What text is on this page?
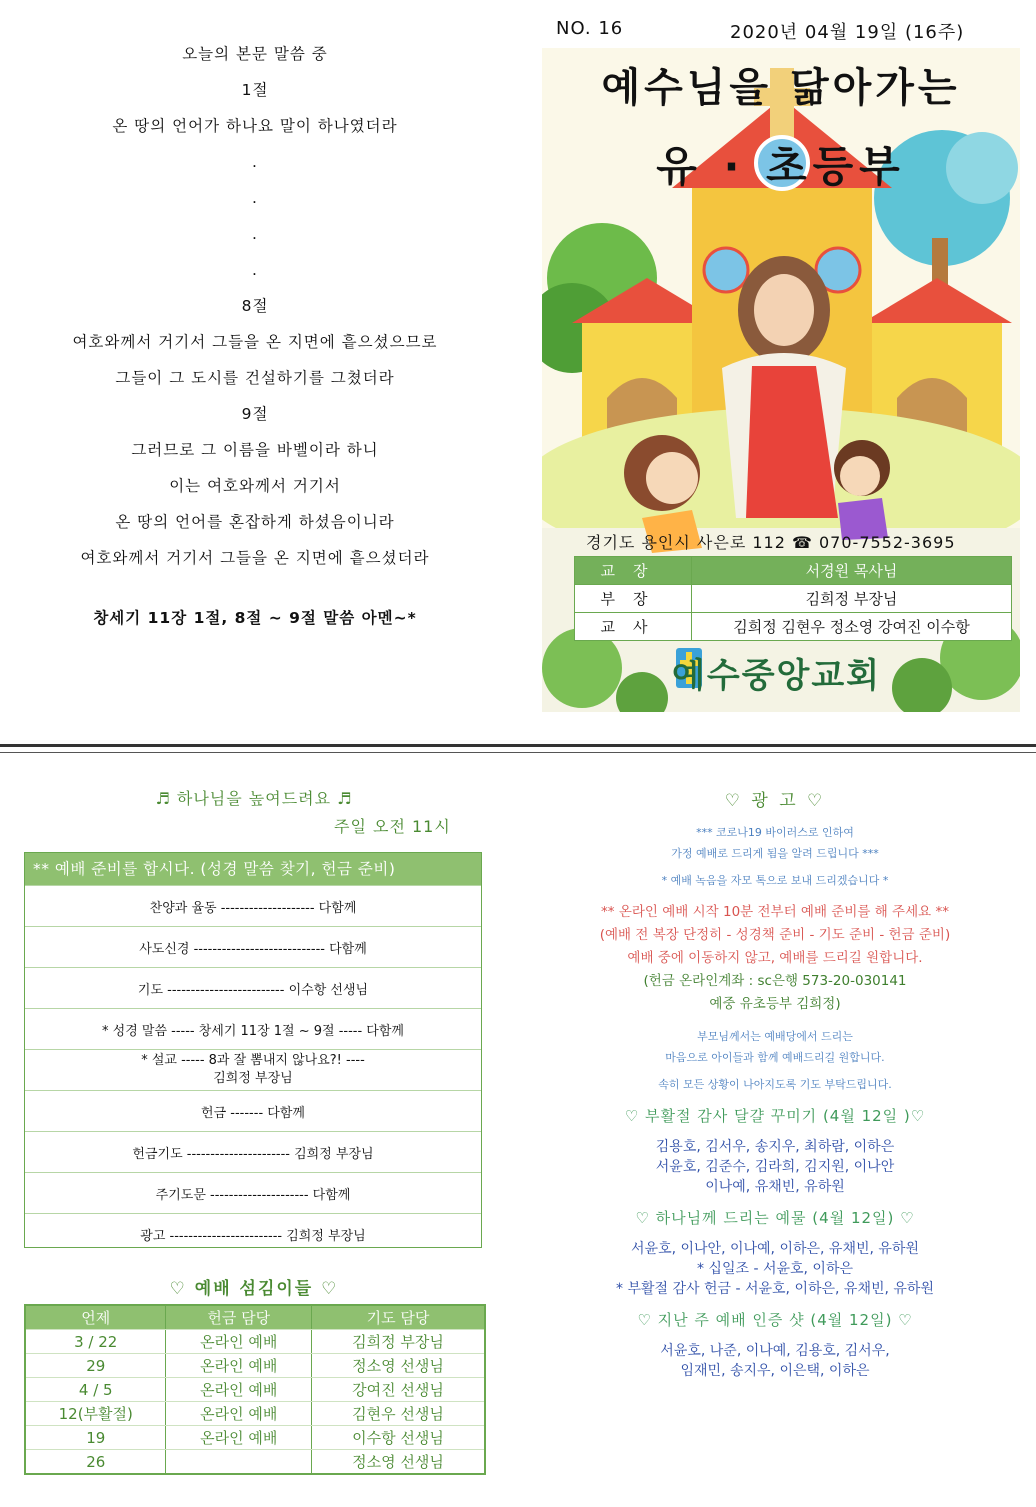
오늘의 본문 말씀 중
1절
온 땅의 언어가 하나요 말이 하나였더라
.
.
.
.
8절
여호와께서 거기서 그들을 온 지면에 흩으셨으므로
그들이 그 도시를 건설하기를 그쳤더라
9절
그러므로 그 이름을 바벨이라 하니
이는 여호와께서 거기서
온 땅의 언어를 혼잡하게 하셨음이니라
여호와께서 거기서 그들을 온 지면에 흩으셨더라
창세기 11장 1절, 8절 ~ 9절 말씀 아멘~*
NO. 16	2020년 04월 19일 (16주)
예수님을 닮아가는
유 · 초등부
경기도 용인시 사은로 112 ☎ 070-7552-3695
교장	서경원 목사님
부장	김희정 부장님
교사	김희정 김현우 정소영 강여진 이수항
예수중앙교회
♬ 하나님을 높여드려요 ♬
주일 오전 11시
** 예배 준비를 합시다. (성경 말씀 찾기, 헌금 준비)
찬양과 율동 -------------------- 다함께
사도신경 ---------------------------- 다함께
기도 ------------------------- 이수항 선생님
* 성경 말씀 ----- 창세기 11장 1절 ~ 9절 ----- 다함께
* 설교 ----- 8과 잘 뽐내지 않나요?! ----
김희정 부장님
헌금 ------- 다함께
헌금기도 ---------------------- 김희정 부장님
주기도문 --------------------- 다함께
광고 ------------------------ 김희정 부장님
♡ 예배 섬김이들 ♡
언제	헌금 담당	기도 담당
3 / 22	온라인 예배	김희정 부장님
29	온라인 예배	정소영 선생님
4 / 5	온라인 예배	강여진 선생님
12(부활절)	온라인 예배	김현우 선생님
19	온라인 예배	이수항 선생님
26		정소영 선생님
♡ 광 고 ♡
*** 코로나19 바이러스로 인하여
가정 예배로 드리게 됨을 알려 드립니다 ***
* 예배 녹음을 자모 톡으로 보내 드리겠습니다 *
** 온라인 예배 시작 10분 전부터 예배 준비를 해 주세요 **
(예배 전 복장 단정히 - 성경책 준비 - 기도 준비 - 헌금 준비)
예배 중에 이동하지 않고, 예배를 드리길 원합니다.
(헌금 온라인계좌 : sc은행 573-20-030141
예중 유초등부 김희정)
부모님께서는 예배당에서 드리는
마음으로 아이들과 함께 예배드리길 원합니다.
속히 모든 상황이 나아지도록 기도 부탁드립니다.
♡ 부활절 감사 달걀 꾸미기 (4월 12일 )♡
김용호, 김서우, 송지우, 최하람, 이하은
서윤호, 김준수, 김라희, 김지원, 이나안
이나예, 유채빈, 유하원
♡ 하나님께 드리는 예물 (4월 12일) ♡
서윤호, 이나안, 이나예, 이하은, 유채빈, 유하원
* 십일조 - 서윤호, 이하은
* 부활절 감사 헌금 - 서윤호, 이하은, 유채빈, 유하원
♡ 지난 주 예배 인증 샷 (4월 12일) ♡
서윤호, 나준, 이나예, 김용호, 김서우,
임재민, 송지우, 이은택, 이하은
